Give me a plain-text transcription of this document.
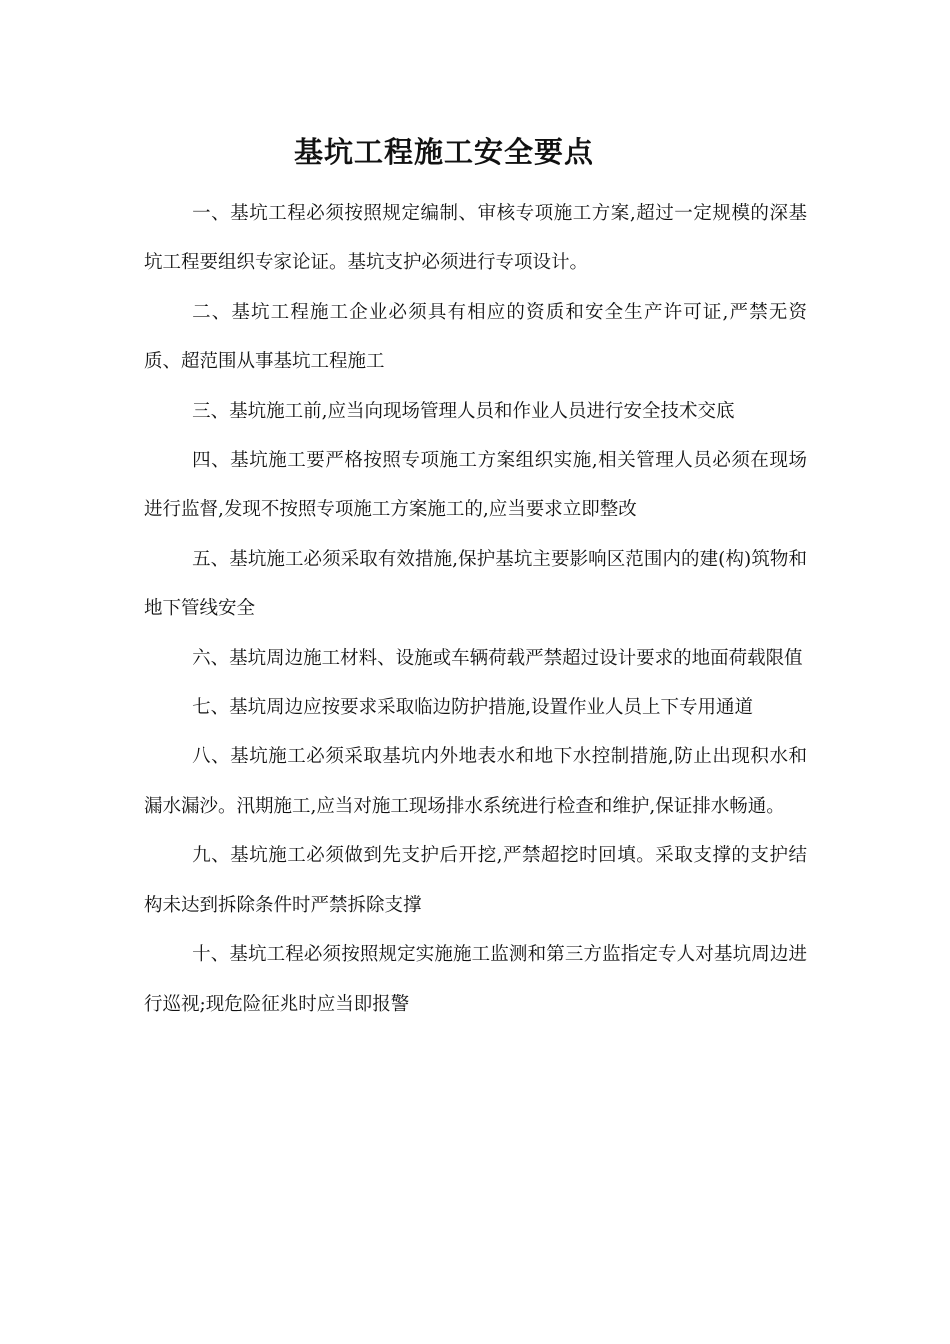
基坑工程施工安全要点

一、基坑工程必须按照规定编制、审核专项施工方案,超过一定规模的深基坑工程要组织专家论证。基坑支护必须进行专项设计。

二、基坑工程施工企业必须具有相应的资质和安全生产许可证,严禁无资质、超范围从事基坑工程施工

三、基坑施工前,应当向现场管理人员和作业人员进行安全技术交底

四、基坑施工要严格按照专项施工方案组织实施,相关管理人员必须在现场进行监督,发现不按照专项施工方案施工的,应当要求立即整改

五、基坑施工必须采取有效措施,保护基坑主要影响区范围内的建(构)筑物和地下管线安全

六、基坑周边施工材料、设施或车辆荷载严禁超过设计要求的地面荷载限值

七、基坑周边应按要求采取临边防护措施,设置作业人员上下专用通道

八、基坑施工必须采取基坑内外地表水和地下水控制措施,防止出现积水和漏水漏沙。汛期施工,应当对施工现场排水系统进行检查和维护,保证排水畅通。

九、基坑施工必须做到先支护后开挖,严禁超挖时回填。采取支撑的支护结构未达到拆除条件时严禁拆除支撑

十、基坑工程必须按照规定实施施工监测和第三方监指定专人对基坑周边进行巡视;现危险征兆时应当即报警
